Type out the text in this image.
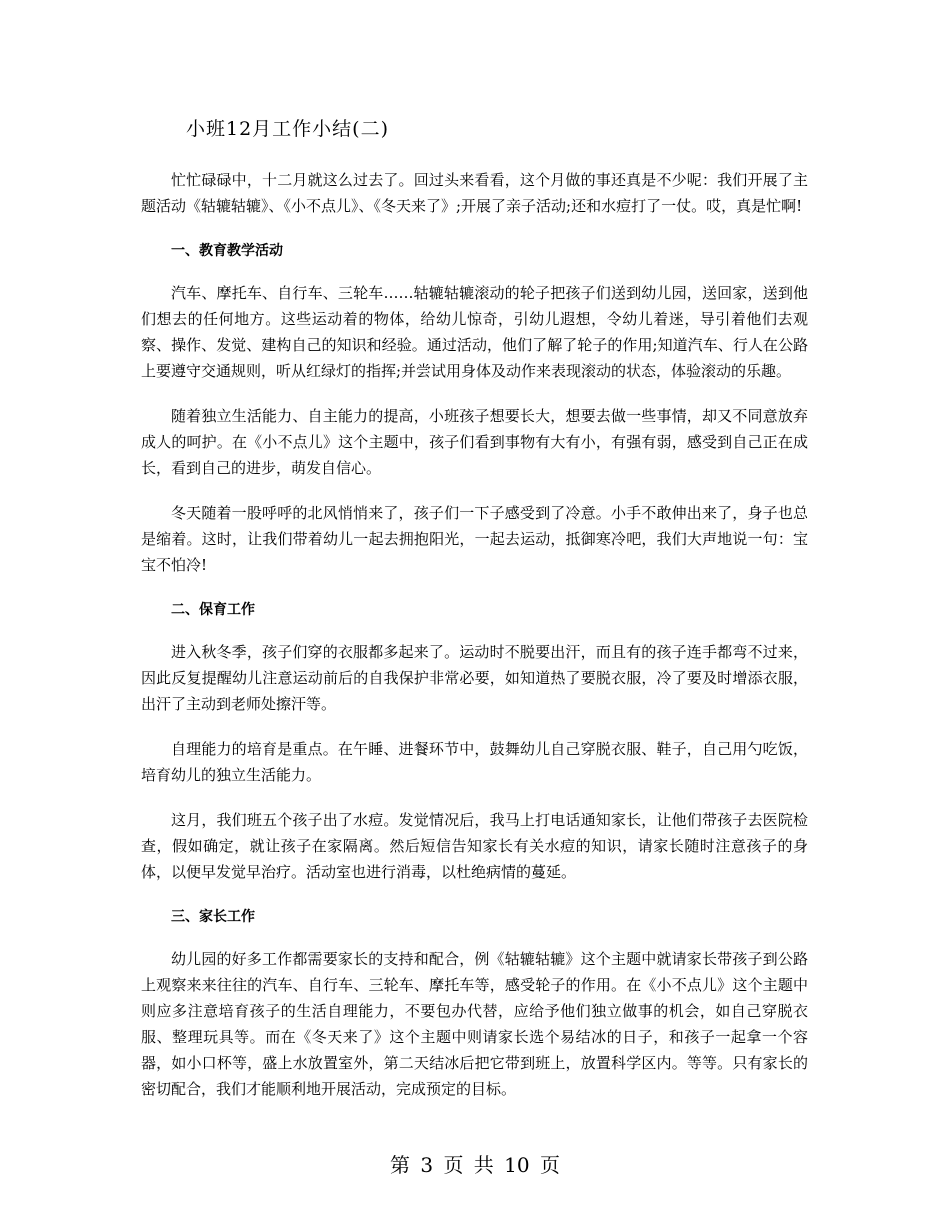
小班12月工作小结(二)

忙忙碌碌中，十二月就这么过去了。回过头来看看，这个月做的事还真是不少呢：我们开展了主题活动《轱辘轱辘》、《小不点儿》、《冬天来了》;开展了亲子活动;还和水痘打了一仗。哎，真是忙啊!

一、教育教学活动

汽车、摩托车、自行车、三轮车……轱辘轱辘滚动的轮子把孩子们送到幼儿园，送回家，送到他们想去的任何地方。这些运动着的物体，给幼儿惊奇，引幼儿遐想，令幼儿着迷，导引着他们去观察、操作、发觉、建构自己的知识和经验。通过活动，他们了解了轮子的作用;知道汽车、行人在公路上要遵守交通规则，听从红绿灯的指挥;并尝试用身体及动作来表现滚动的状态，体验滚动的乐趣。

随着独立生活能力、自主能力的提高，小班孩子想要长大，想要去做一些事情，却又不同意放弃成人的呵护。在《小不点儿》这个主题中，孩子们看到事物有大有小，有强有弱，感受到自己正在成长，看到自己的进步，萌发自信心。

冬天随着一股呼呼的北风悄悄来了，孩子们一下子感受到了冷意。小手不敢伸出来了，身子也总是缩着。这时，让我们带着幼儿一起去拥抱阳光，一起去运动，抵御寒冷吧，我们大声地说一句：宝宝不怕冷!

二、保育工作

进入秋冬季，孩子们穿的衣服都多起来了。运动时不脱要出汗，而且有的孩子连手都弯不过来，因此反复提醒幼儿注意运动前后的自我保护非常必要，如知道热了要脱衣服，冷了要及时增添衣服，出汗了主动到老师处擦汗等。

自理能力的培育是重点。在午睡、进餐环节中，鼓舞幼儿自己穿脱衣服、鞋子，自己用勺吃饭，培育幼儿的独立生活能力。

这月，我们班五个孩子出了水痘。发觉情况后，我马上打电话通知家长，让他们带孩子去医院检查，假如确定，就让孩子在家隔离。然后短信告知家长有关水痘的知识，请家长随时注意孩子的身体，以便早发觉早治疗。活动室也进行消毒，以杜绝病情的蔓延。

三、家长工作

幼儿园的好多工作都需要家长的支持和配合，例《轱辘轱辘》这个主题中就请家长带孩子到公路上观察来来往往的汽车、自行车、三轮车、摩托车等，感受轮子的作用。在《小不点儿》这个主题中则应多注意培育孩子的生活自理能力，不要包办代替，应给予他们独立做事的机会，如自己穿脱衣服、整理玩具等。而在《冬天来了》这个主题中则请家长选个易结冰的日子，和孩子一起拿一个容器，如小口杯等，盛上水放置室外，第二天结冰后把它带到班上，放置科学区内。等等。只有家长的密切配合，我们才能顺利地开展活动，完成预定的目标。

第 3 页 共 10 页
